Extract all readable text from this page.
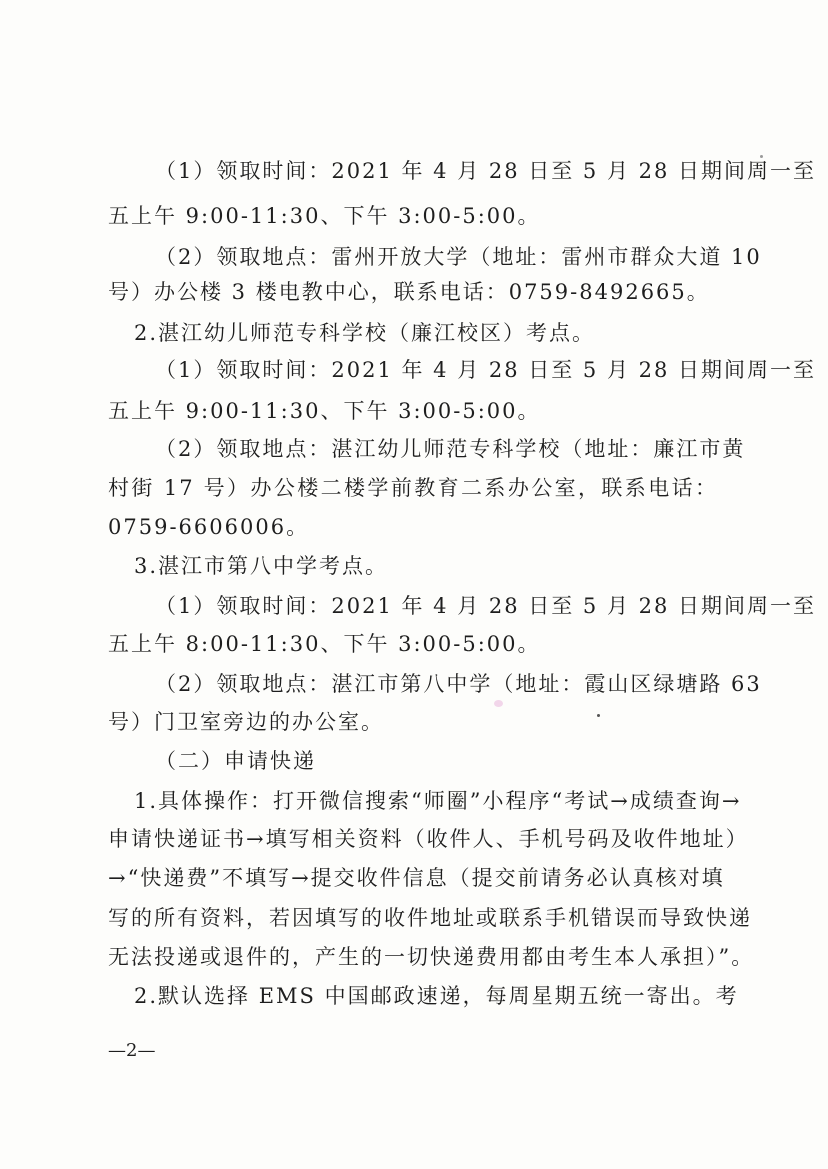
（1）领取时间：2021 年 4 月 28 日至 5 月 28 日期间周一至
五上午 9:00-11:30、下午 3:00-5:00。
（2）领取地点：雷州开放大学（地址：雷州市群众大道 10
号）办公楼 3 楼电教中心，联系电话：0759-8492665。
2.湛江幼儿师范专科学校（廉江校区）考点。
（1）领取时间：2021 年 4 月 28 日至 5 月 28 日期间周一至
五上午 9:00-11:30、下午 3:00-5:00。
（2）领取地点：湛江幼儿师范专科学校（地址：廉江市黄
村街 17 号）办公楼二楼学前教育二系办公室，联系电话：
0759-6606006。
3.湛江市第八中学考点。
（1）领取时间：2021 年 4 月 28 日至 5 月 28 日期间周一至
五上午 8:00-11:30、下午 3:00-5:00。
（2）领取地点：湛江市第八中学（地址：霞山区绿塘路 63
号）门卫室旁边的办公室。
（二）申请快递
1.具体操作：打开微信搜索“师圈”小程序“考试→成绩查询→
申请快递证书→填写相关资料（收件人、手机号码及收件地址）
→“快递费”不填写→提交收件信息（提交前请务必认真核对填
写的所有资料，若因填写的收件地址或联系手机错误而导致快递
无法投递或退件的，产生的一切快递费用都由考生本人承担）”。
2.默认选择 EMS 中国邮政速递，每周星期五统一寄出。考
—2—
